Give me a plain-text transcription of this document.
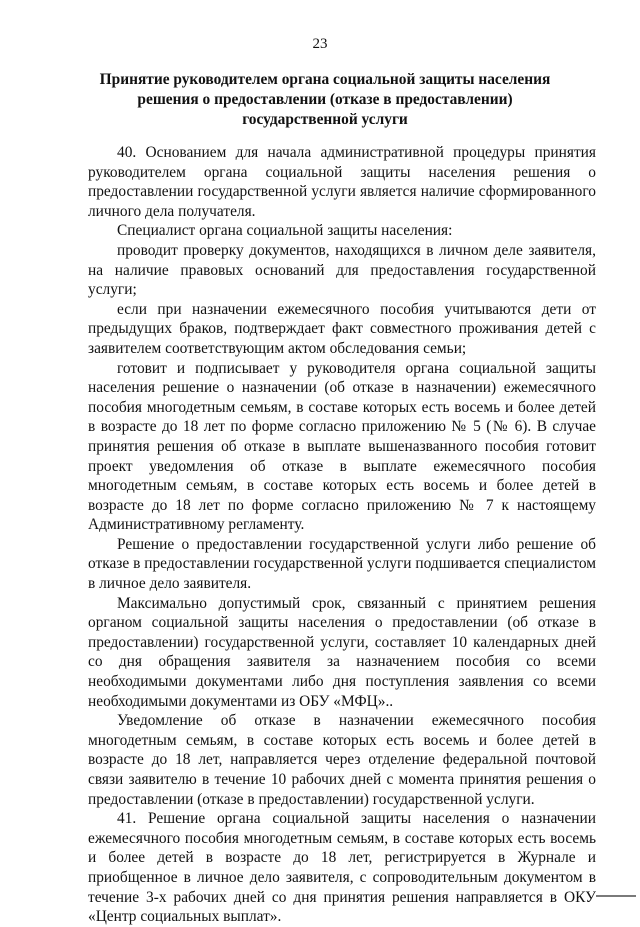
23
Принятие руководителем органа социальной защиты населения решения о предоставлении (отказе в предоставлении) государственной услуги

40. Основанием для начала административной процедуры принятия руководителем органа социальной защиты населения решения о предоставлении государственной услуги является наличие сформированного личного дела получателя.

Специалист органа социальной защиты населения:

проводит проверку документов, находящихся в личном деле заявителя, на наличие правовых оснований для предоставления государственной услуги;

если при назначении ежемесячного пособия учитываются дети от предыдущих браков, подтверждает факт совместного проживания детей с заявителем соответствующим актом обследования семьи;

готовит и подписывает у руководителя органа социальной защиты населения решение о назначении (об отказе в назначении) ежемесячного пособия многодетным семьям, в составе которых есть восемь и более детей в возрасте до 18 лет по форме согласно приложению № 5 (№ 6). В случае принятия решения об отказе в выплате вышеназванного пособия готовит проект уведомления об отказе в выплате ежемесячного пособия многодетным семьям, в составе которых есть восемь и более детей в возрасте до 18 лет по форме согласно приложению № 7 к настоящему Административному регламенту.

Решение о предоставлении государственной услуги либо решение об отказе в предоставлении государственной услуги подшивается специалистом в личное дело заявителя.

Максимально допустимый срок, связанный с принятием решения органом социальной защиты населения о предоставлении (об отказе в предоставлении) государственной услуги, составляет 10 календарных дней со дня обращения заявителя за назначением пособия со всеми необходимыми документами либо дня поступления заявления со всеми необходимыми документами из ОБУ «МФЦ»..

Уведомление об отказе в назначении ежемесячного пособия многодетным семьям, в составе которых есть восемь и более детей в возрасте до 18 лет, направляется через отделение федеральной почтовой связи заявителю в течение 10 рабочих дней с момента принятия решения о предоставлении (отказе в предоставлении) государственной услуги.

41. Решение органа социальной защиты населения о назначении ежемесячного пособия многодетным семьям, в составе которых есть восемь и более детей в возрасте до 18 лет, регистрируется в Журнале и приобщенное в личное дело заявителя, с сопроводительным документом в течение 3-х рабочих дней со дня принятия решения направляется в ОКУ «Центр социальных выплат».
